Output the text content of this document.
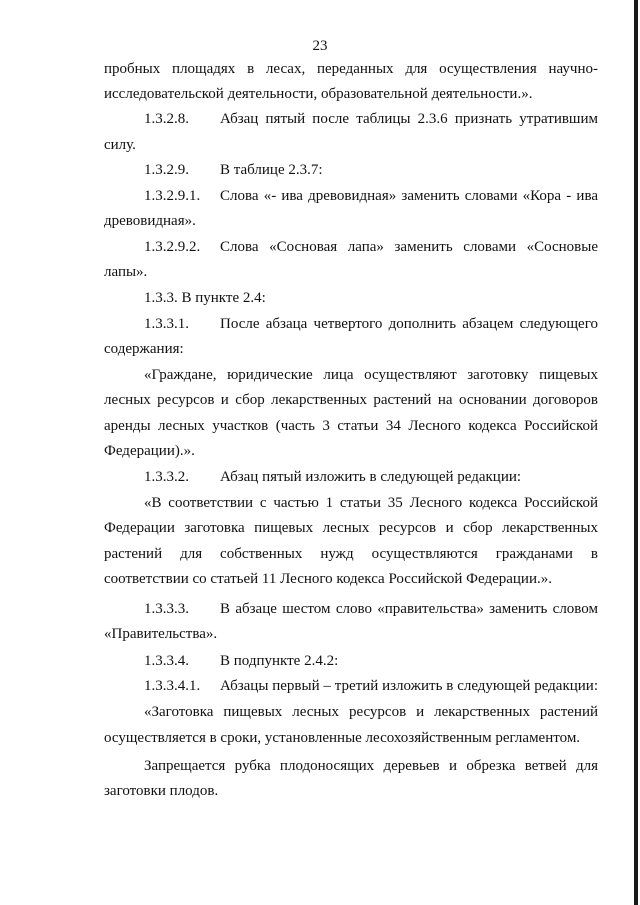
23
пробных площадях в лесах, переданных для осуществления научно-
исследовательской деятельности, образовательной деятельности.».
1.3.2.8. Абзац пятый после таблицы 2.3.6 признать утратившим
силу.
1.3.2.9. В таблице 2.3.7:
1.3.2.9.1. Слова «- ива древовидная» заменить словами «Кора - ива
древовидная».
1.3.2.9.2. Слова «Сосновая лапа» заменить словами «Сосновые
лапы».
1.3.3. В пункте 2.4:
1.3.3.1. После абзаца четвертого дополнить абзацем следующего
содержания:
«Граждане, юридические лица осуществляют заготовку пищевых
лесных ресурсов и сбор лекарственных растений на основании договоров
аренды лесных участков (часть 3 статьи 34 Лесного кодекса Российской
Федерации).».
1.3.3.2. Абзац пятый изложить в следующей редакции:
«В соответствии с частью 1 статьи 35 Лесного кодекса Российской
Федерации заготовка пищевых лесных ресурсов и сбор лекарственных
растений для собственных нужд осуществляются гражданами в
соответствии со статьей 11 Лесного кодекса Российской Федерации.».
1.3.3.3. В абзаце шестом слово «правительства» заменить словом
«Правительства».
1.3.3.4. В подпункте 2.4.2:
1.3.3.4.1. Абзацы первый – третий изложить в следующей редакции:
«Заготовка пищевых лесных ресурсов и лекарственных растений
осуществляется в сроки, установленные лесохозяйственным регламентом.
Запрещается рубка плодоносящих деревьев и обрезка ветвей для
заготовки плодов.
